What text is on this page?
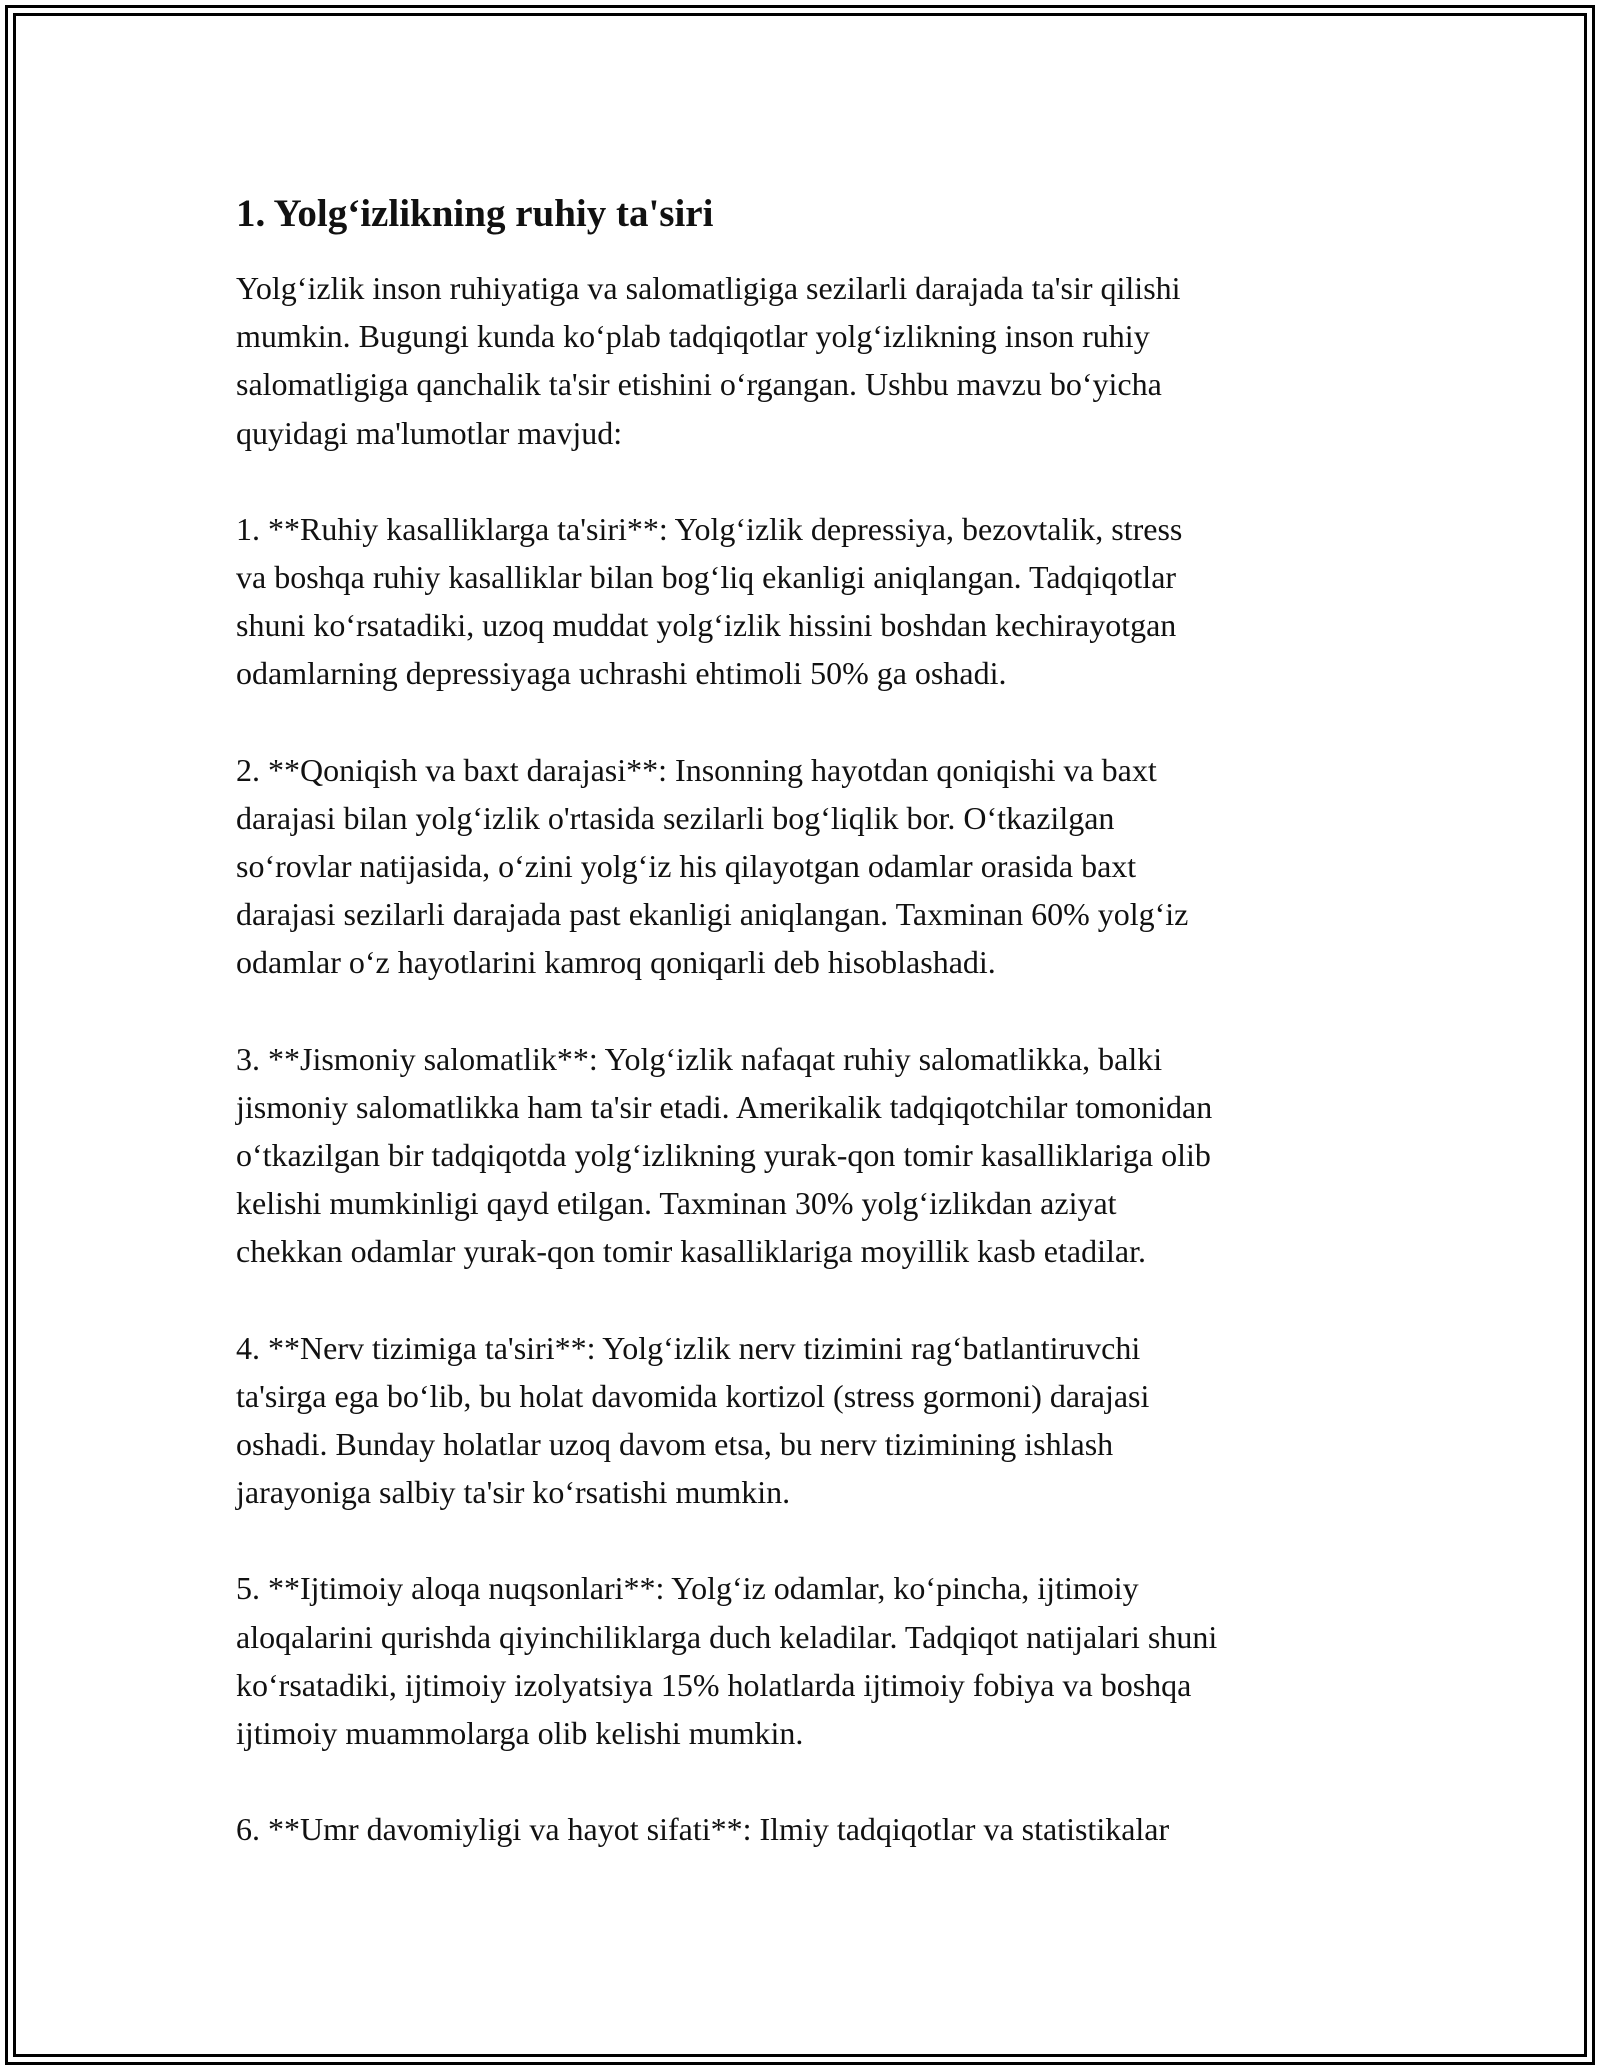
1. Yolg‘izlikning ruhiy ta'siri

Yolg‘izlik inson ruhiyatiga va salomatligiga sezilarli darajada ta'sir qilishi
mumkin. Bugungi kunda ko‘plab tadqiqotlar yolg‘izlikning inson ruhiy
salomatligiga qanchalik ta'sir etishini o‘rgangan. Ushbu mavzu bo‘yicha
quyidagi ma'lumotlar mavjud:

1. **Ruhiy kasalliklarga ta'siri**: Yolg‘izlik depressiya, bezovtalik, stress
va boshqa ruhiy kasalliklar bilan bog‘liq ekanligi aniqlangan. Tadqiqotlar
shuni ko‘rsatadiki, uzoq muddat yolg‘izlik hissini boshdan kechirayotgan
odamlarning depressiyaga uchrashi ehtimoli 50% ga oshadi.

2. **Qoniqish va baxt darajasi**: Insonning hayotdan qoniqishi va baxt
darajasi bilan yolg‘izlik o'rtasida sezilarli bog‘liqlik bor. O‘tkazilgan
so‘rovlar natijasida, o‘zini yolg‘iz his qilayotgan odamlar orasida baxt
darajasi sezilarli darajada past ekanligi aniqlangan. Taxminan 60% yolg‘iz
odamlar o‘z hayotlarini kamroq qoniqarli deb hisoblashadi.

3. **Jismoniy salomatlik**: Yolg‘izlik nafaqat ruhiy salomatlikka, balki
jismoniy salomatlikka ham ta'sir etadi. Amerikalik tadqiqotchilar tomonidan
o‘tkazilgan bir tadqiqotda yolg‘izlikning yurak-qon tomir kasalliklariga olib
kelishi mumkinligi qayd etilgan. Taxminan 30% yolg‘izlikdan aziyat
chekkan odamlar yurak-qon tomir kasalliklariga moyillik kasb etadilar.

4. **Nerv tizimiga ta'siri**: Yolg‘izlik nerv tizimini rag‘batlantiruvchi
ta'sirga ega bo‘lib, bu holat davomida kortizol (stress gormoni) darajasi
oshadi. Bunday holatlar uzoq davom etsa, bu nerv tizimining ishlash
jarayoniga salbiy ta'sir ko‘rsatishi mumkin.

5. **Ijtimoiy aloqa nuqsonlari**: Yolg‘iz odamlar, ko‘pincha, ijtimoiy
aloqalarini qurishda qiyinchiliklarga duch keladilar. Tadqiqot natijalari shuni
ko‘rsatadiki, ijtimoiy izolyatsiya 15% holatlarda ijtimoiy fobiya va boshqa
ijtimoiy muammolarga olib kelishi mumkin.

6. **Umr davomiyligi va hayot sifati**: Ilmiy tadqiqotlar va statistikalar
